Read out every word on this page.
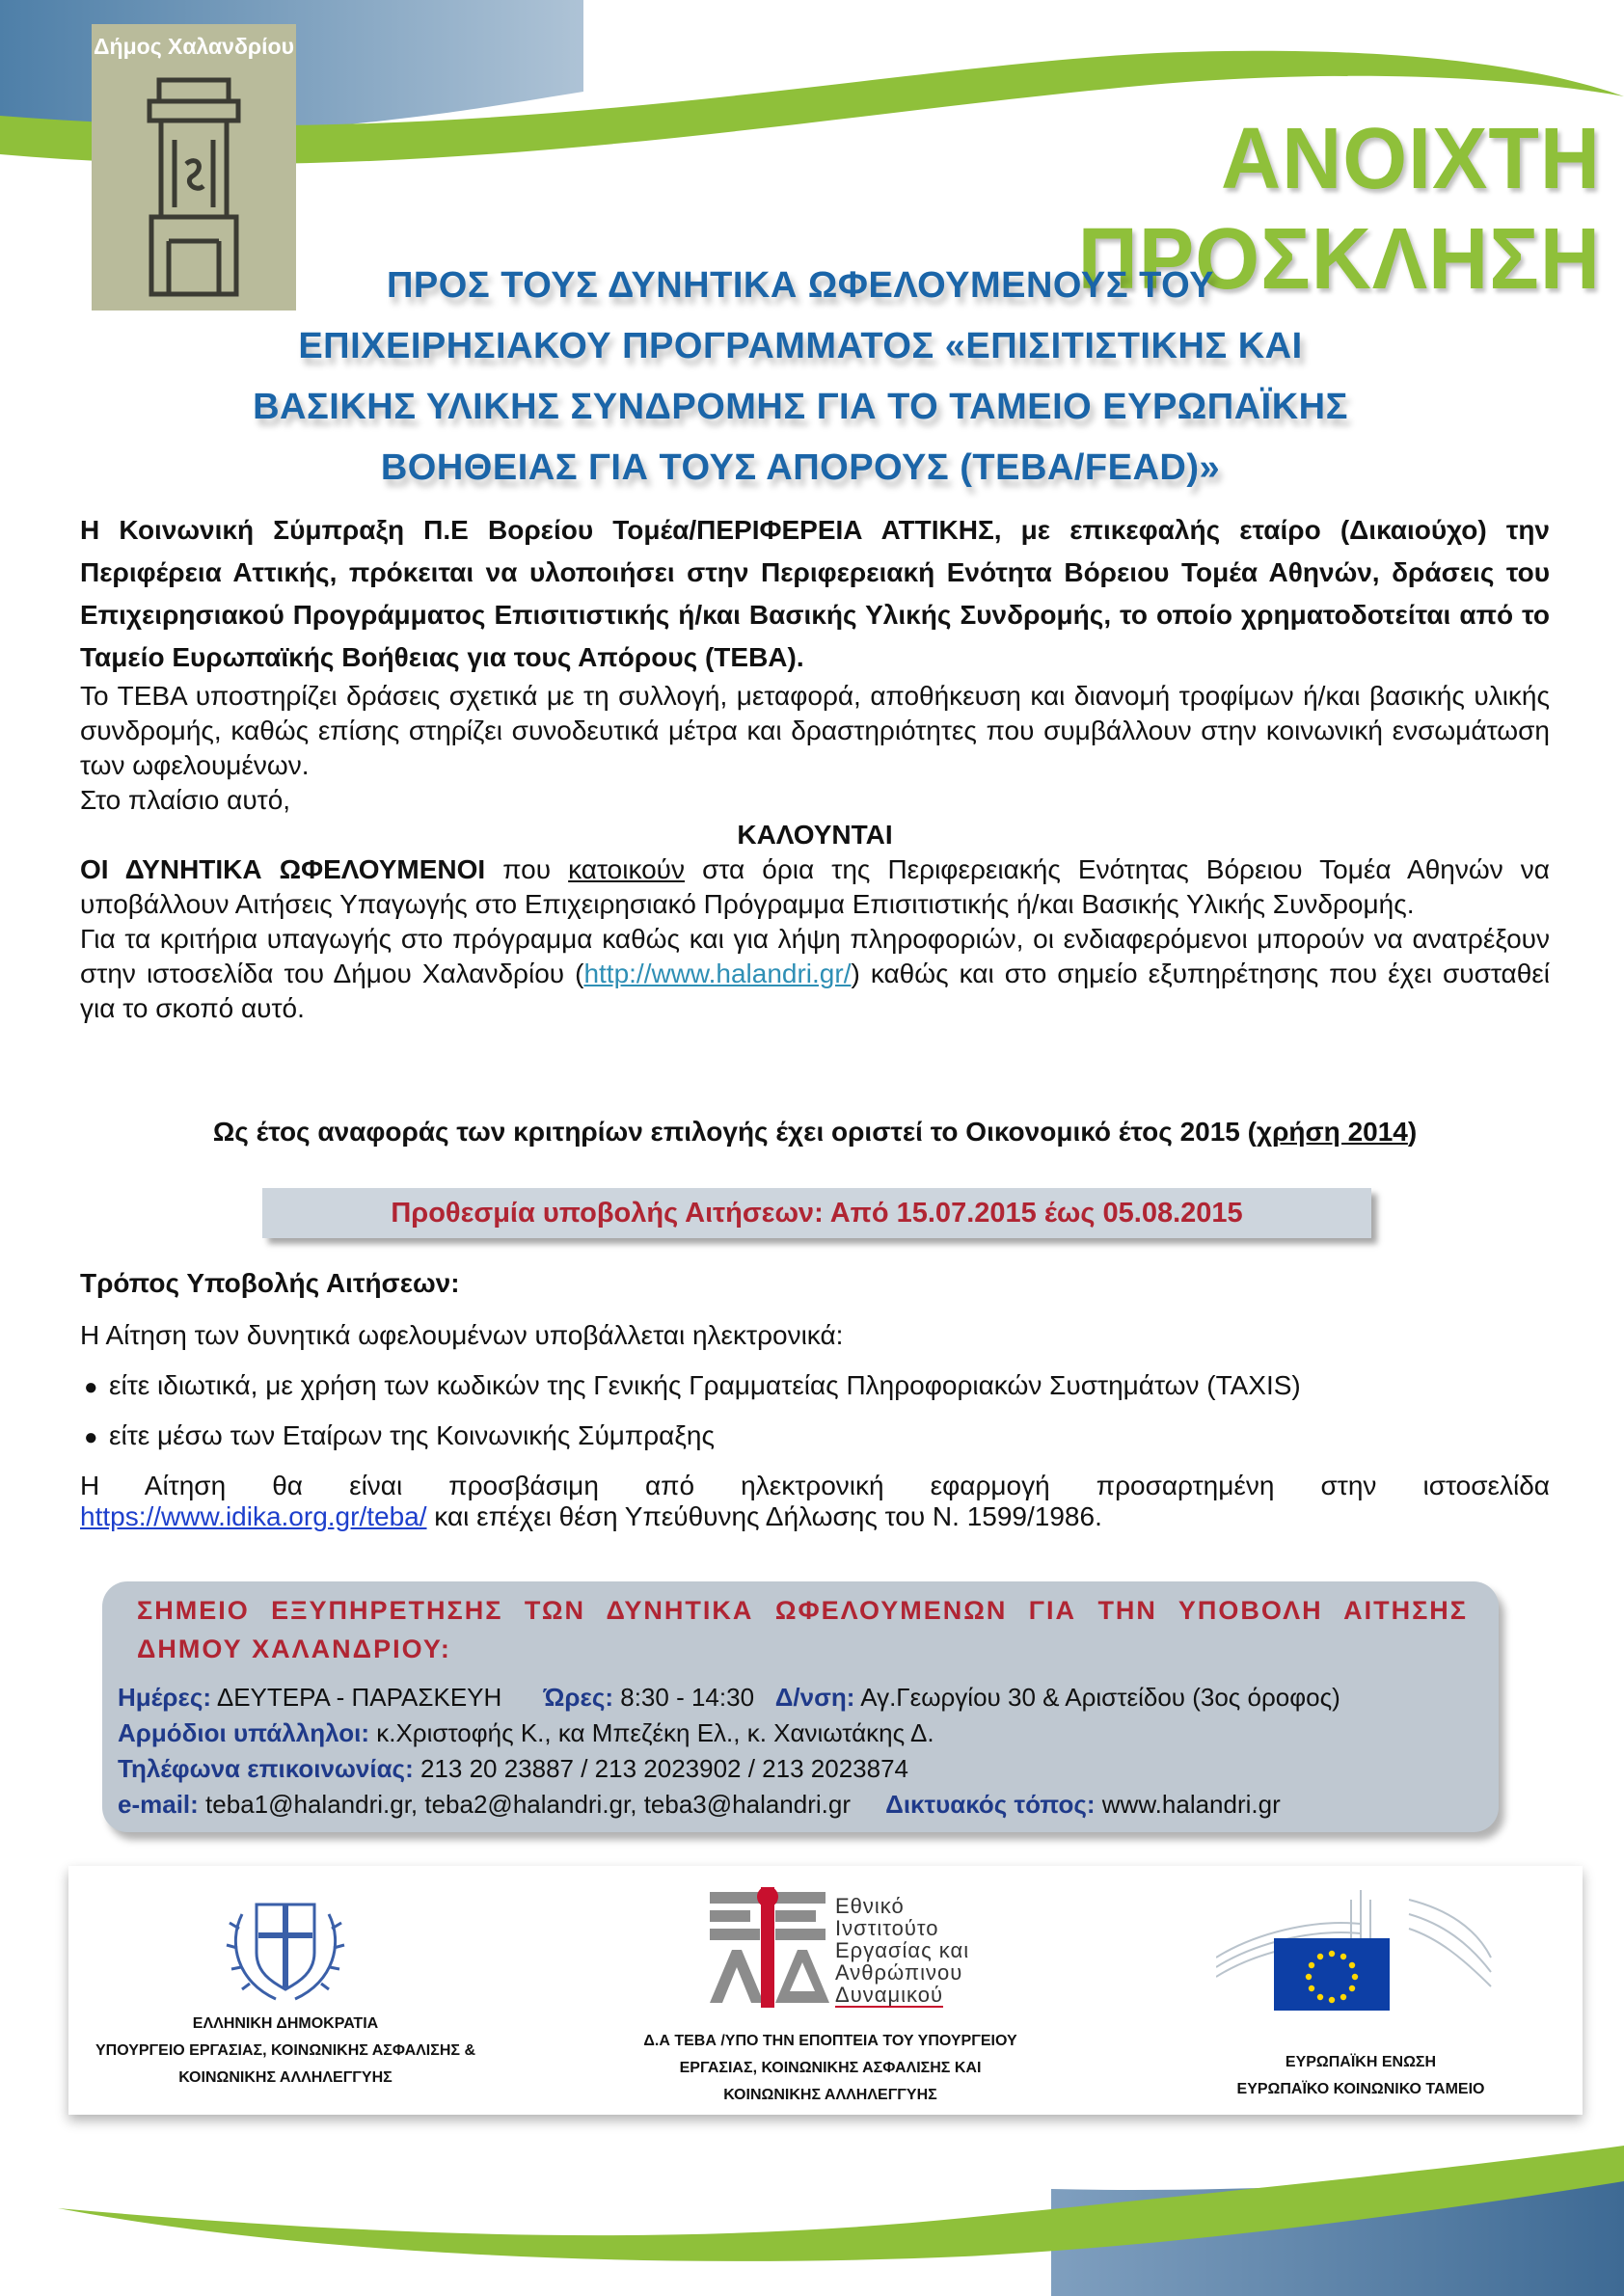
Δήμος Χαλανδρίου
ΑΝΟΙΧΤΗ ΠΡΟΣΚΛΗΣΗ
ΠΡΟΣ ΤΟΥΣ ΔΥΝΗΤΙΚΑ ΩΦΕΛΟΥΜΕΝΟΥΣ ΤΟΥ
ΕΠΙΧΕΙΡΗΣΙΑΚΟΥ ΠΡΟΓΡΑΜΜΑΤΟΣ «ΕΠΙΣΙΤΙΣΤΙΚΗΣ ΚΑΙ
ΒΑΣΙΚΗΣ ΥΛΙΚΗΣ ΣΥΝΔΡΟΜΗΣ ΓΙΑ ΤΟ ΤΑΜΕΙΟ ΕΥΡΩΠΑΪΚΗΣ
ΒΟΗΘΕΙΑΣ ΓΙΑ ΤΟΥΣ ΑΠΟΡΟΥΣ (ΤΕΒΑ/FEAD)»
Η Κοινωνική Σύμπραξη Π.Ε Βορείου Τομέα/ΠΕΡΙΦΕΡΕΙΑ ΑΤΤΙΚΗΣ, με επικεφαλής εταίρο (Δικαιούχο) την Περιφέρεια Αττικής, πρόκειται να υλοποιήσει στην Περιφερειακή Ενότητα Βόρειου Τομέα Αθηνών, δράσεις του Επιχειρησιακού Προγράμματος Επισιτιστικής ή/και Βασικής Υλικής Συνδρομής, το οποίο χρηματοδοτείται από το Ταμείο Ευρωπαϊκής Βοήθειας για τους Απόρους (ΤΕΒΑ).
Το ΤΕΒΑ υποστηρίζει δράσεις σχετικά με τη συλλογή, μεταφορά, αποθήκευση και διανομή τροφίμων ή/και βασικής υλικής συνδρομής, καθώς επίσης στηρίζει συνοδευτικά μέτρα και δραστηριότητες που συμβάλλουν στην κοινωνική ενσωμάτωση των ωφελουμένων.
Στο πλαίσιο αυτό,
ΚΑΛΟΥΝΤΑΙ
ΟΙ ΔΥΝΗΤΙΚΑ ΩΦΕΛΟΥΜΕΝΟΙ που κατοικούν στα όρια της Περιφερειακής Ενότητας Βόρειου Τομέα Αθηνών να υποβάλλουν Αιτήσεις Υπαγωγής στο Επιχειρησιακό Πρόγραμμα Επισιτιστικής ή/και Βασικής Υλικής Συνδρομής.
Για τα κριτήρια υπαγωγής στο πρόγραμμα καθώς και για λήψη πληροφοριών, οι ενδιαφερόμενοι μπορούν να ανατρέξουν στην ιστοσελίδα του Δήμου Χαλανδρίου (http://www.halandri.gr/) καθώς και στο σημείο εξυπηρέτησης που έχει συσταθεί για το σκοπό αυτό.
Ως έτος αναφοράς των κριτηρίων επιλογής έχει οριστεί το Οικονομικό έτος 2015 (χρήση 2014)
Προθεσμία υποβολής Αιτήσεων: Από 15.07.2015 έως 05.08.2015
Τρόπος Υποβολής Αιτήσεων:
Η Αίτηση των δυνητικά ωφελουμένων υποβάλλεται ηλεκτρονικά:
● είτε ιδιωτικά, με χρήση των κωδικών της Γενικής Γραμματείας Πληροφοριακών Συστημάτων (TAXIS)
● είτε μέσω των Εταίρων της Κοινωνικής Σύμπραξης
Η Αίτηση θα είναι προσβάσιμη από ηλεκτρονική εφαρμογή προσαρτημένη στην ιστοσελίδα
https://www.idika.org.gr/teba/ και επέχει θέση Υπεύθυνης Δήλωσης του Ν. 1599/1986.
ΣΗΜΕΙΟ ΕΞΥΠΗΡΕΤΗΣΗΣ ΤΩΝ ΔΥΝΗΤΙΚΑ ΩΦΕΛΟΥΜΕΝΩΝ ΓΙΑ ΤΗΝ ΥΠΟΒΟΛΗ ΑΙΤΗΣΗΣ ΔΗΜΟΥ ΧΑΛΑΝΔΡΙΟΥ:
Ημέρες: ΔΕΥΤΕΡΑ - ΠΑΡΑΣΚΕΥΗ Ώρες: 8:30 - 14:30 Δ/νση: Αγ.Γεωργίου 30 & Αριστείδου (3ος όροφος)
Αρμόδιοι υπάλληλοι: κ.Χριστοφής Κ., κα Μπεζέκη Ελ., κ. Χανιωτάκης Δ.
Τηλέφωνα επικοινωνίας: 213 20 23887 / 213 2023902 / 213 2023874
e-mail: teba1@halandri.gr, teba2@halandri.gr, teba3@halandri.gr Δικτυακός τόπος: www.halandri.gr
ΕΛΛΗΝΙΚΗ ΔΗΜΟΚΡΑΤΙΑ
ΥΠΟΥΡΓΕΙΟ ΕΡΓΑΣΙΑΣ, ΚΟΙΝΩΝΙΚΗΣ ΑΣΦΑΛΙΣΗΣ &
ΚΟΙΝΩΝΙΚΗΣ ΑΛΛΗΛΕΓΓΥΗΣ
Εθνικό
Ινστιτούτο
Εργασίας και
Ανθρώπινου
Δυναμικού
Δ.Α ΤΕΒΑ /ΥΠΟ ΤΗΝ ΕΠΟΠΤΕΙΑ ΤΟΥ ΥΠΟΥΡΓΕΙΟΥ
ΕΡΓΑΣΙΑΣ, ΚΟΙΝΩΝΙΚΗΣ ΑΣΦΑΛΙΣΗΣ ΚΑΙ
ΚΟΙΝΩΝΙΚΗΣ ΑΛΛΗΛΕΓΓΥΗΣ
ΕΥΡΩΠΑΪΚΗ ΕΝΩΣΗ
ΕΥΡΩΠΑΪΚΟ ΚΟΙΝΩΝΙΚΟ ΤΑΜΕΙΟ
